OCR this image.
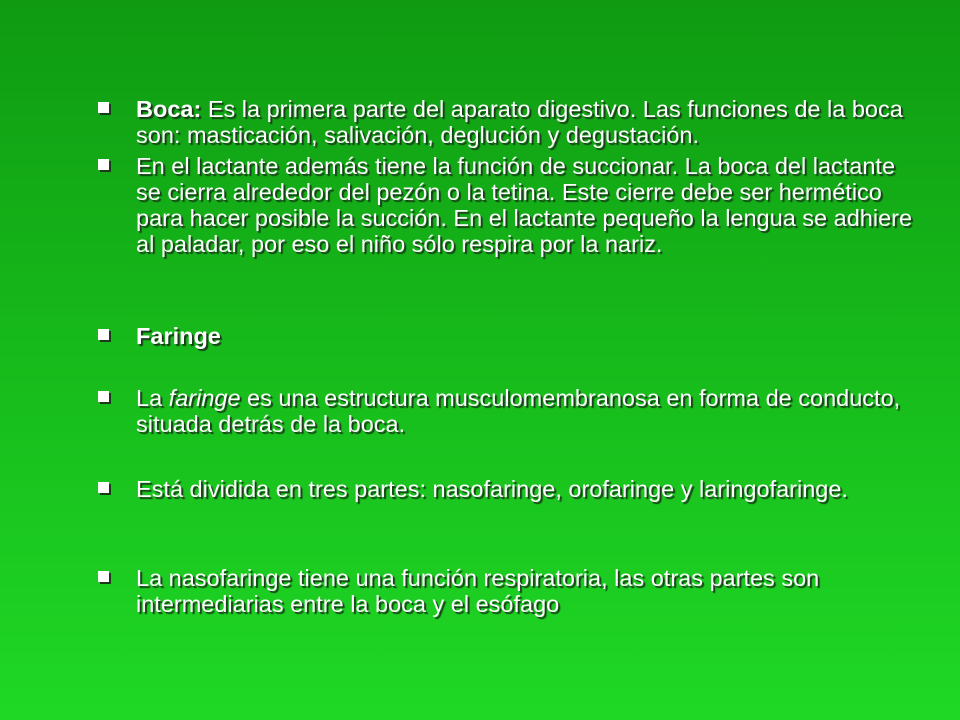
Boca: Es la primera parte del aparato digestivo. Las funciones de la boca son: masticación, salivación, deglución y degustación.
En el lactante además tiene la función de succionar. La boca del lactante se cierra alrededor del pezón o la tetina. Este cierre debe ser hermético para hacer posible la succión. En el lactante pequeño la lengua se adhiere al paladar, por eso el niño sólo respira por la nariz.
Faringe
La faringe es una estructura musculomembranosa en forma de conducto, situada detrás de la boca.
Está dividida en tres partes: nasofaringe, orofaringe y laringofaringe.
La nasofaringe tiene una función respiratoria, las otras partes son intermediarias entre la boca y el esófago
